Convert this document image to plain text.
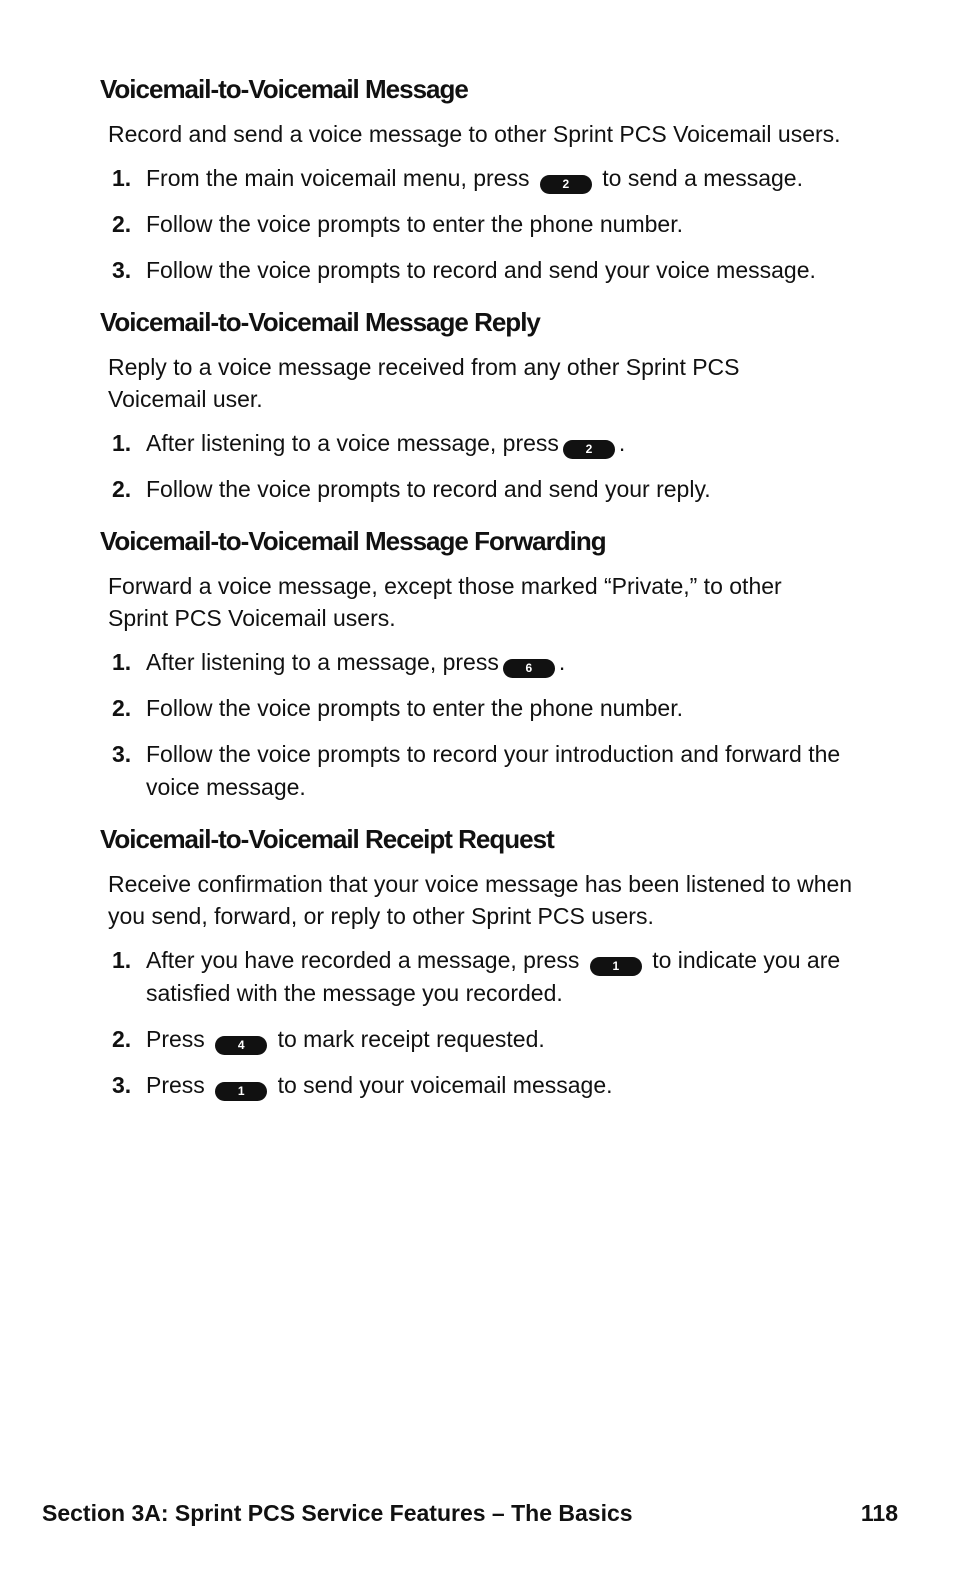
Voicemail-to-Voicemail Message

Record and send a voice message to other Sprint PCS Voicemail users.

1. From the main voicemail menu, press	2 to send a message.
2. Follow the voice prompts to enter the phone number.
3. Follow the voice prompts to record and send your voice message.
Voicemail-to-Voicemail Message Reply

Reply to a voice message received from any other Sprint PCS Voicemail user.

1. After listening to a voice message, press 2 .
2. Follow the voice prompts to record and send your reply.
Voicemail-to-Voicemail Message Forwarding

Forward a voice message, except those marked “Private,” to other Sprint PCS Voicemail users.

1. After listening to a message, press 6 .
2. Follow the voice prompts to enter the phone number.
3. Follow the voice prompts to record your introduction and forward the voice message.
Voicemail-to-Voicemail Receipt Request

Receive confirmation that your voice message has been listened to when you send, forward, or reply to other Sprint PCS users.

1. After you have recorded a message, press	1 to indicate you are satisfied with the message you recorded.
2. Press	4 to mark receipt requested.
3. Press	1 to send your voicemail message.
Section 3A: Sprint PCS Service Features – The Basics	118
